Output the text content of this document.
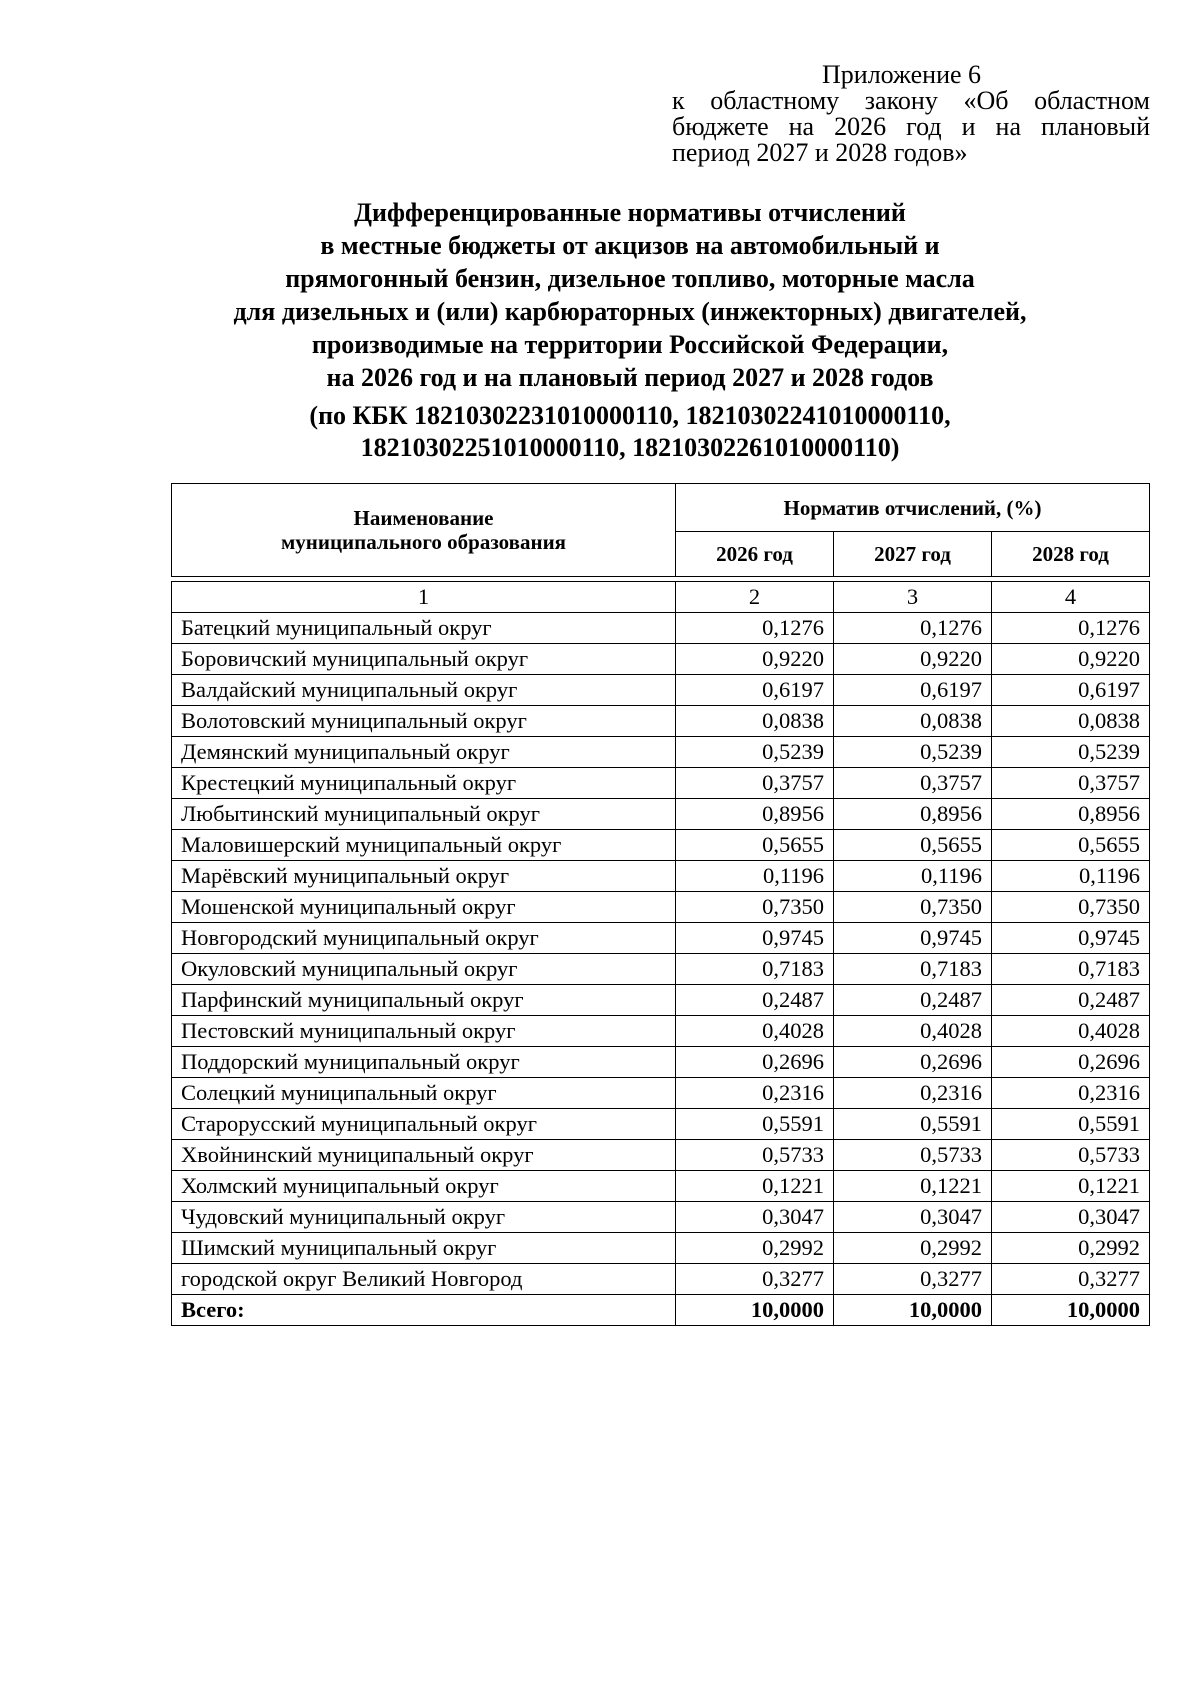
Приложение 6
к областному закону «Об областном
бюджете на 2026 год и на плановый
период 2027 и 2028 годов»
Дифференцированные нормативы отчислений
в местные бюджеты от акцизов на автомобильный и
прямогонный бензин, дизельное топливо, моторные масла
для дизельных и (или) карбюраторных (инжекторных) двигателей,
производимые на территории Российской Федерации,
на 2026 год и на плановый период 2027 и 2028 годов
(по КБК 18210302231010000110, 18210302241010000110,
18210302251010000110, 18210302261010000110)
Наименование
муниципального образования	Норматив отчислений, (%)		
	2026 год	2027 год	2028 год
1	2	3	4
Батецкий муниципальный округ	0,1276	0,1276	0,1276
Боровичский муниципальный округ	0,9220	0,9220	0,9220
Валдайский муниципальный округ	0,6197	0,6197	0,6197
Волотовский муниципальный округ	0,0838	0,0838	0,0838
Демянский муниципальный округ	0,5239	0,5239	0,5239
Крестецкий муниципальный округ	0,3757	0,3757	0,3757
Любытинский муниципальный округ	0,8956	0,8956	0,8956
Маловишерский муниципальный округ	0,5655	0,5655	0,5655
Марёвский муниципальный округ	0,1196	0,1196	0,1196
Мошенской муниципальный округ	0,7350	0,7350	0,7350
Новгородский муниципальный округ	0,9745	0,9745	0,9745
Окуловский муниципальный округ	0,7183	0,7183	0,7183
Парфинский муниципальный округ	0,2487	0,2487	0,2487
Пестовский муниципальный округ	0,4028	0,4028	0,4028
Поддорский муниципальный округ	0,2696	0,2696	0,2696
Солецкий муниципальный округ	0,2316	0,2316	0,2316
Старорусский муниципальный округ	0,5591	0,5591	0,5591
Хвойнинский муниципальный округ	0,5733	0,5733	0,5733
Холмский муниципальный округ	0,1221	0,1221	0,1221
Чудовский муниципальный округ	0,3047	0,3047	0,3047
Шимский муниципальный округ	0,2992	0,2992	0,2992
городской округ Великий Новгород	0,3277	0,3277	0,3277
Всего:	10,0000	10,0000	10,0000
